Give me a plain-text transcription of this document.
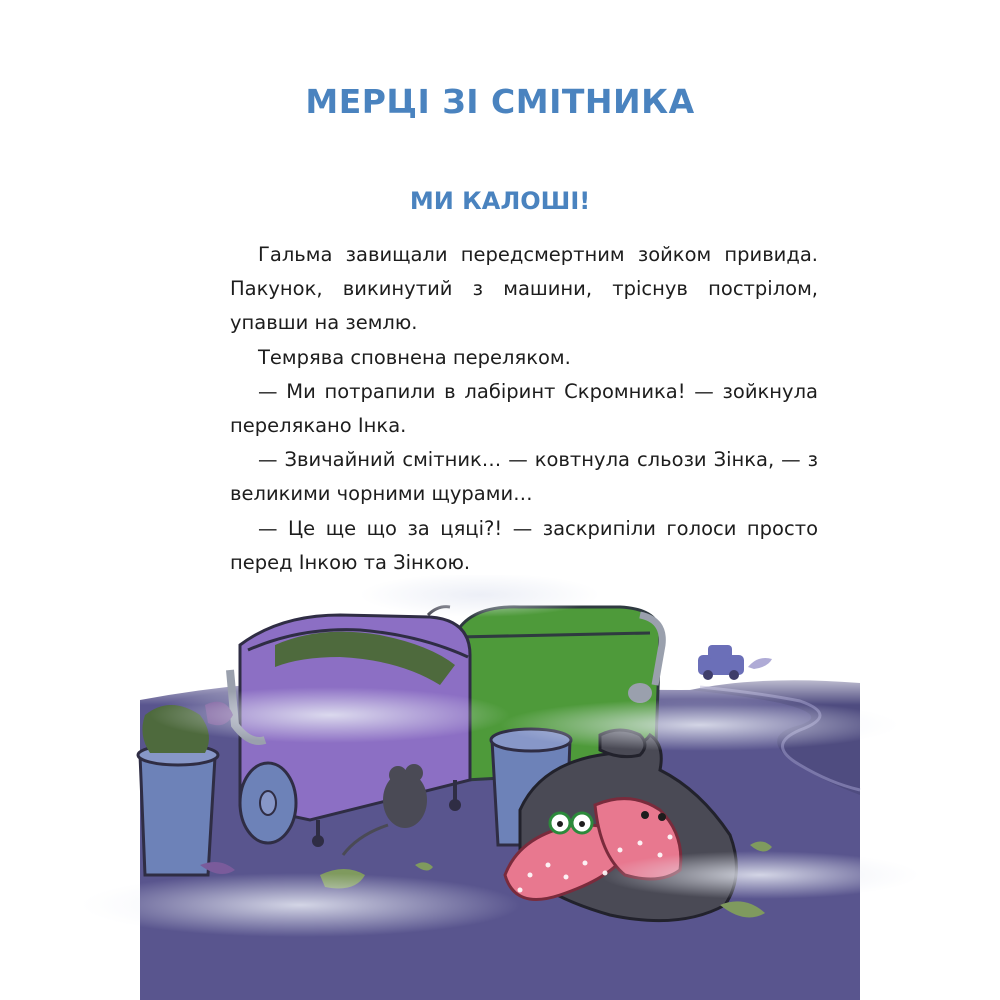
МЕРЦІ ЗІ СМІТНИКА
МИ КАЛОШІ!

Гальма завищали передсмертним зойком привида. Пакунок, викинутий з машини, тріснув пострілом, упавши на землю.

Темрява сповнена переляком.

— Ми потрапили в лабіринт Скромника! — зойкнула перелякано Інка.

— Звичайний смітник… — ковтнула сльози Зінка, — з великими чорними щурами…

— Це ще що за цяці?! — заскрипіли голоси просто перед Інкою та Зінкою.
